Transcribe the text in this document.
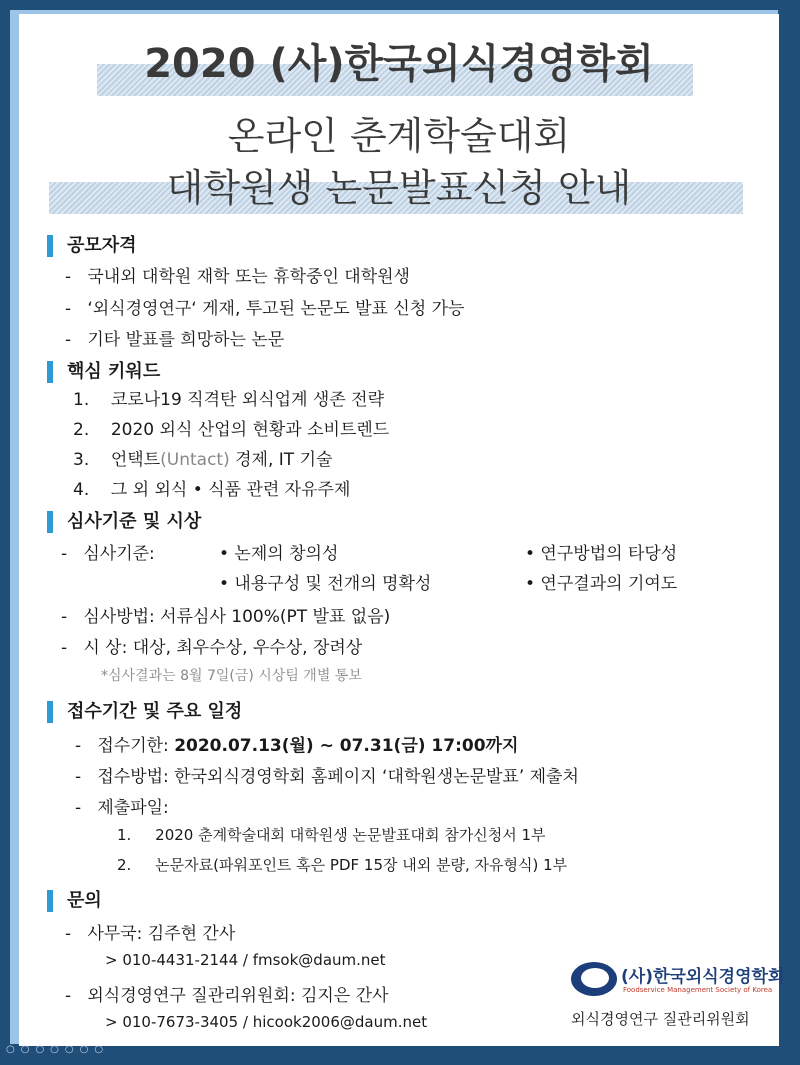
2020 (사)한국외식경영학회
온라인 춘계학술대회
대학원생 논문발표신청 안내
공모자격
- 국내외 대학원 재학 또는 휴학중인 대학원생
- ‘외식경영연구‘ 게재, 투고된 논문도 발표 신청 가능
- 기타 발표를 희망하는 논문
핵심 키워드
1. 코로나19 직격탄 외식업계 생존 전략
2. 2020 외식 산업의 현황과 소비트렌드
3. 언택트(Untact) 경제, IT 기술
4. 그 외 외식 • 식품 관련 자유주제
심사기준 및 시상
- 심사기준:	• 논제의 창의성	• 연구방법의 타당성
• 내용구성 및 전개의 명확성	• 연구결과의 기여도
- 심사방법: 서류심사 100%(PT 발표 없음)
- 시 상: 대상, 최우수상, 우수상, 장려상
*심사결과는 8월 7일(금) 시상팀 개별 통보
접수기간 및 주요 일정
- 접수기한: 2020.07.13(월) ~ 07.31(금) 17:00까지
- 접수방법: 한국외식경영학회 홈페이지 ‘대학원생논문발표’ 제출처
- 제출파일:
1. 2020 춘계학술대회 대학원생 논문발표대회 참가신청서 1부
2. 논문자료(파워포인트 혹은 PDF 15장 내외 분량, 자유형식) 1부
문의
- 사무국: 김주현 간사
> 010-4431-2144 / fmsok@daum.net
- 외식경영연구 질관리위원회: 김지은 간사
> 010-7673-3405 / hicook2006@daum.net
(사)한국외식경영학회
Foodservice Management Society of Korea
외식경영연구 질관리위원회
○○○○○○○
